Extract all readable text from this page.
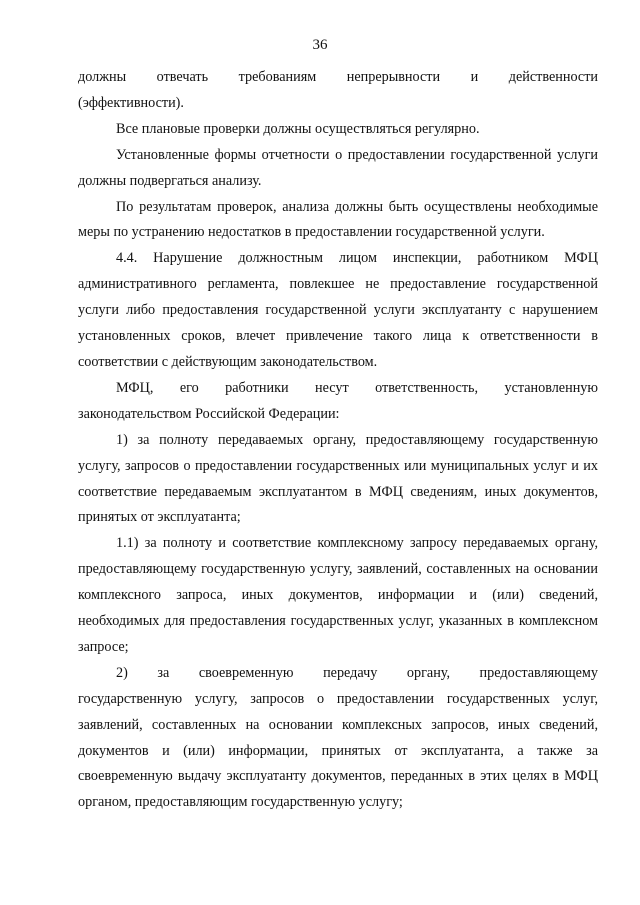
36

должны отвечать требованиям непрерывности и действенности

(эффективности).

Все плановые проверки должны осуществляться регулярно.

Установленные формы отчетности о предоставлении государственной услуги должны подвергаться анализу.

По результатам проверок, анализа должны быть осуществлены необходимые меры по устранению недостатков в предоставлении государственной услуги.

4.4. Нарушение должностным лицом инспекции, работником МФЦ административного регламента, повлекшее не предоставление государственной услуги либо предоставления государственной услуги эксплуатанту с нарушением установленных сроков, влечет привлечение такого лица к ответственности в соответствии с действующим законодательством.

МФЦ, его работники несут ответственность, установленную

законодательством Российской Федерации:

1) за полноту передаваемых органу, предоставляющему государственную услугу, запросов о предоставлении государственных или муниципальных услуг и их соответствие передаваемым эксплуатантом в МФЦ сведениям, иных документов, принятых от эксплуатанта;

1.1) за полноту и соответствие комплексному запросу передаваемых органу, предоставляющему государственную услугу, заявлений, составленных на основании комплексного запроса, иных документов, информации и (или) сведений, необходимых для предоставления государственных услуг, указанных в комплексном запросе;

2) за своевременную передачу органу, предоставляющему

государственную услугу, запросов о предоставлении государственных услуг, заявлений, составленных на основании комплексных запросов, иных сведений, документов и (или) информации, принятых от эксплуатанта, а также за своевременную выдачу эксплуатанту документов, переданных в этих целях в МФЦ органом, предоставляющим государственную услугу;
